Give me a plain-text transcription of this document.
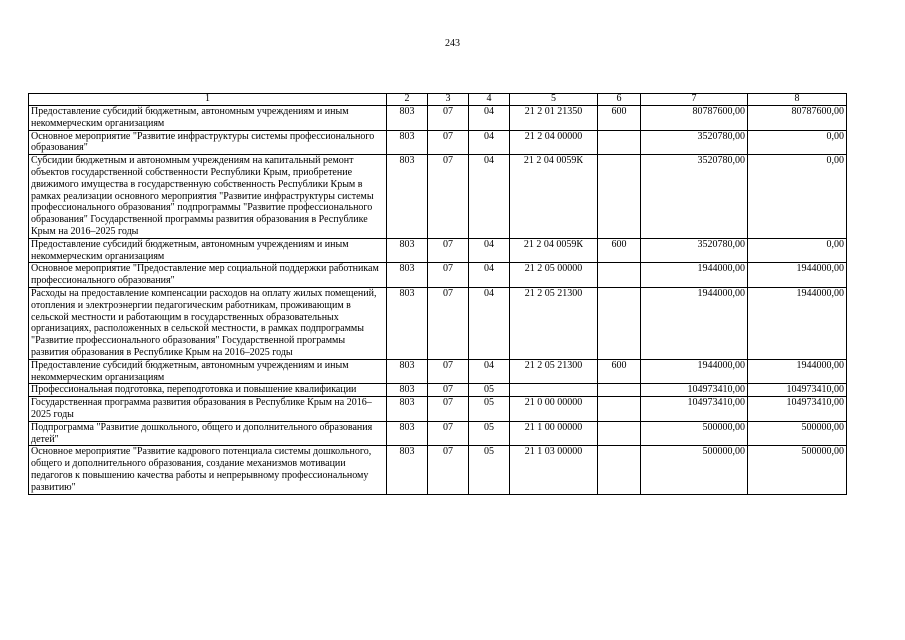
243
1	2	3	4	5	6	7	8
Предоставление субсидий бюджетным, автономным учреждениям и иным некоммерческим организациям	803	07	04	21 2 01 21350	600	80787600,00	80787600,00
Основное мероприятие "Развитие инфраструктуры системы профессионального образования"	803	07	04	21 2 04 00000		3520780,00	0,00
Субсидии бюджетным и автономным учреждениям на капитальный ремонт объектов государственной собственности Республики Крым, приобретение движимого имущества в государственную собственность Республики Крым в рамках реализации основного мероприятия "Развитие инфраструктуры системы профессионального образования" подпрограммы "Развитие профессионального образования" Государственной программы развития образования в Республике Крым на 2016–2025 годы	803	07	04	21 2 04 0059К		3520780,00	0,00
Предоставление субсидий бюджетным, автономным учреждениям и иным некоммерческим организациям	803	07	04	21 2 04 0059К	600	3520780,00	0,00
Основное мероприятие "Предоставление мер социальной поддержки работникам профессионального образования"	803	07	04	21 2 05 00000		1944000,00	1944000,00
Расходы на предоставление компенсации расходов на оплату жилых помещений, отопления и электроэнергии педагогическим работникам, проживающим в сельской местности и работающим в государственных образовательных организациях, расположенных в сельской местности, в рамках подпрограммы "Развитие профессионального образования" Государственной программы развития образования в Республике Крым на 2016–2025 годы	803	07	04	21 2 05 21300		1944000,00	1944000,00
Предоставление субсидий бюджетным, автономным учреждениям и иным некоммерческим организациям	803	07	04	21 2 05 21300	600	1944000,00	1944000,00
Профессиональная подготовка, переподготовка и повышение квалификации	803	07	05			104973410,00	104973410,00
Государственная программа развития образования в Республике Крым на 2016–2025 годы	803	07	05	21 0 00 00000		104973410,00	104973410,00
Подпрограмма "Развитие дошкольного, общего и дополнительного образования детей"	803	07	05	21 1 00 00000		500000,00	500000,00
Основное мероприятие "Развитие кадрового потенциала системы дошкольного, общего и дополнительного образования, создание механизмов мотивации педагогов к повышению качества работы и непрерывному профессиональному развитию"	803	07	05	21 1 03 00000		500000,00	500000,00
